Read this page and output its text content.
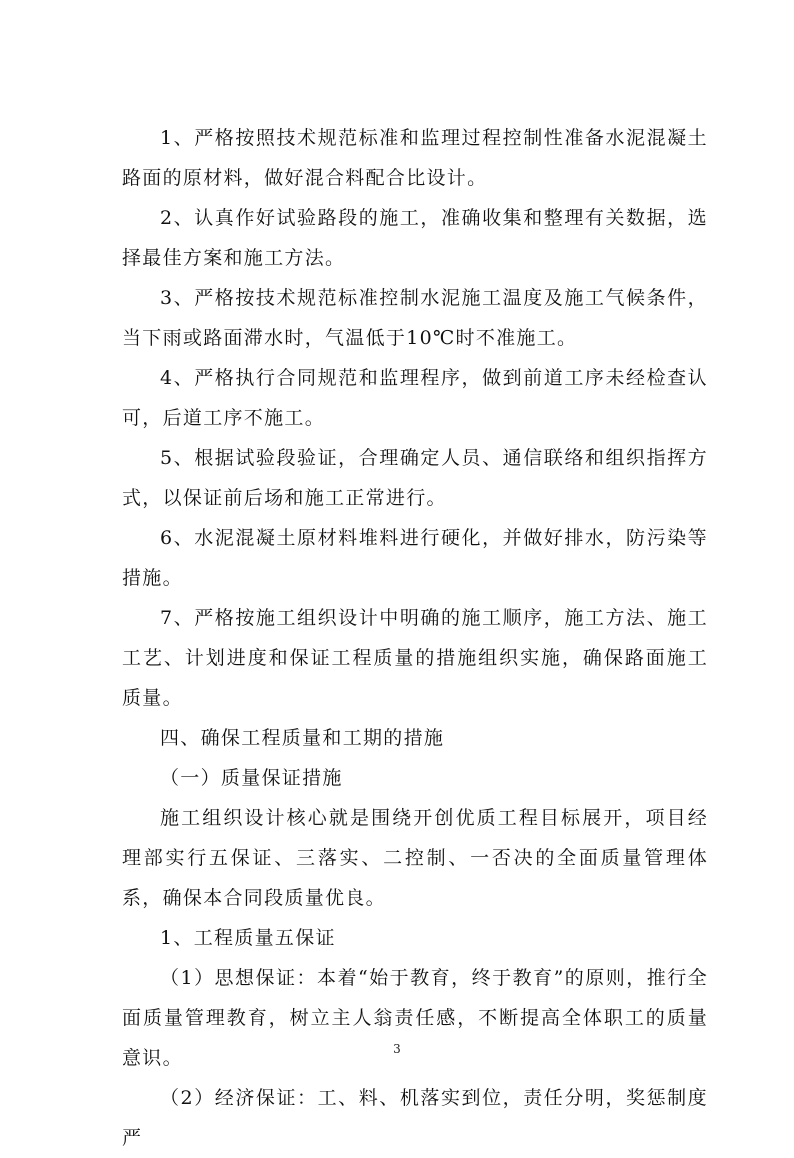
1、严格按照技术规范标准和监理过程控制性准备水泥混凝土路面的原材料，做好混合料配合比设计。

2、认真作好试验路段的施工，准确收集和整理有关数据，选择最佳方案和施工方法。

3、严格按技术规范标准控制水泥施工温度及施工气候条件，当下雨或路面滞水时，气温低于10℃时不准施工。

4、严格执行合同规范和监理程序，做到前道工序未经检查认可，后道工序不施工。

5、根据试验段验证，合理确定人员、通信联络和组织指挥方式，以保证前后场和施工正常进行。

6、水泥混凝土原材料堆料进行硬化，并做好排水，防污染等措施。

7、严格按施工组织设计中明确的施工顺序，施工方法、施工工艺、计划进度和保证工程质量的措施组织实施，确保路面施工质量。

四、确保工程质量和工期的措施

（一）质量保证措施

施工组织设计核心就是围绕开创优质工程目标展开，项目经理部实行五保证、三落实、二控制、一否决的全面质量管理体系，确保本合同段质量优良。

1、工程质量五保证

（1）思想保证：本着“始于教育，终于教育”的原则，推行全面质量管理教育，树立主人翁责任感，不断提高全体职工的质量意识。

（2）经济保证：工、料、机落实到位，责任分明，奖惩制度严

3
